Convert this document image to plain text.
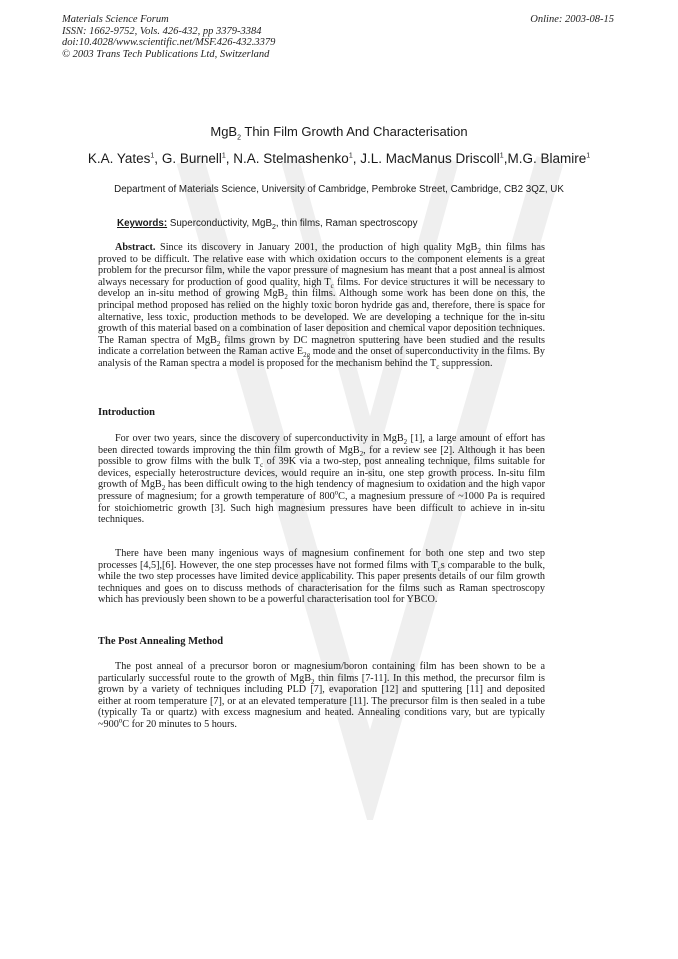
Materials Science Forum
ISSN: 1662-9752, Vols. 426-432, pp 3379-3384
doi:10.4028/www.scientific.net/MSF.426-432.3379
© 2003 Trans Tech Publications Ltd, Switzerland
Online: 2003-08-15
MgB$_2$ Thin Film Growth And Characterisation
K.A. Yates$^1$, G. Burnell$^1$, N.A. Stelmashenko$^1$, J.L. MacManus Driscoll$^1$,M.G. Blamire$^1$
Department of Materials Science, University of Cambridge, Pembroke Street, Cambridge, CB2 3QZ, UK
Keywords: Superconductivity, MgB$_2$, thin films, Raman spectroscopy

Abstract. Since its discovery in January 2001, the production of high quality MgB$_2$ thin films has proved to be difficult. The relative ease with which oxidation occurs to the component elements is a great problem for the precursor film, while the vapor pressure of magnesium has meant that a post anneal is almost always necessary for production of good quality, high $T_c$ films. For device structures it will be necessary to develop an in-situ method of growing MgB$_2$ thin films. Although some work has been done on this, the principal method proposed has relied on the highly toxic boron hydride gas and, therefore, there is space for alternative, less toxic, production methods to be developed. We are developing a technique for the in-situ growth of this material based on a combination of laser deposition and chemical vapor deposition techniques. The Raman spectra of MgB$_2$ films grown by DC magnetron sputtering have been studied and the results indicate a correlation between the Raman active $E_{2g}$ mode and the onset of superconductivity in the films. By analysis of the Raman spectra a model is proposed for the mechanism behind the $T_c$ suppression.

Introduction

For over two years, since the discovery of superconductivity in MgB$_2$ [1], a large amount of effort has been directed towards improving the thin film growth of MgB$_2$, for a review see [2]. Although it has been possible to grow films with the bulk $T_c$ of 39K via a two-step, post annealing technique, films suitable for devices, especially heterostructure devices, would require an in-situ, one step growth process. In-situ film growth of MgB$_2$ has been difficult owing to the high tendency of magnesium to oxidation and the high vapor pressure of magnesium; for a growth temperature of 800$^o$C, a magnesium pressure of ~1000 Pa is required for stoichiometric growth [3]. Such high magnesium pressures have been difficult to achieve in in-situ techniques.

There have been many ingenious ways of magnesium confinement for both one step and two step processes [4,5],[6]. However, the one step processes have not formed films with $T_cs$ comparable to the bulk, while the two step processes have limited device applicability. This paper presents details of our film growth techniques and goes on to discuss methods of characterisation for the films such as Raman spectroscopy which has previously been shown to be a powerful characterisation tool for YBCO.

The Post Annealing Method

The post anneal of a precursor boron or magnesium/boron containing film has been shown to be a particularly successful route to the growth of MgB$_2$ thin films [7-11]. In this method, the precursor film is grown by a variety of techniques including PLD [7], evaporation [12] and sputtering [11] and deposited either at room temperature [7], or at an elevated temperature [11]. The precursor film is then sealed in a tube (typically Ta or quartz) with excess magnesium and heated. Annealing conditions vary, but are typically ~900$^o$C for 20 minutes to 5 hours.
